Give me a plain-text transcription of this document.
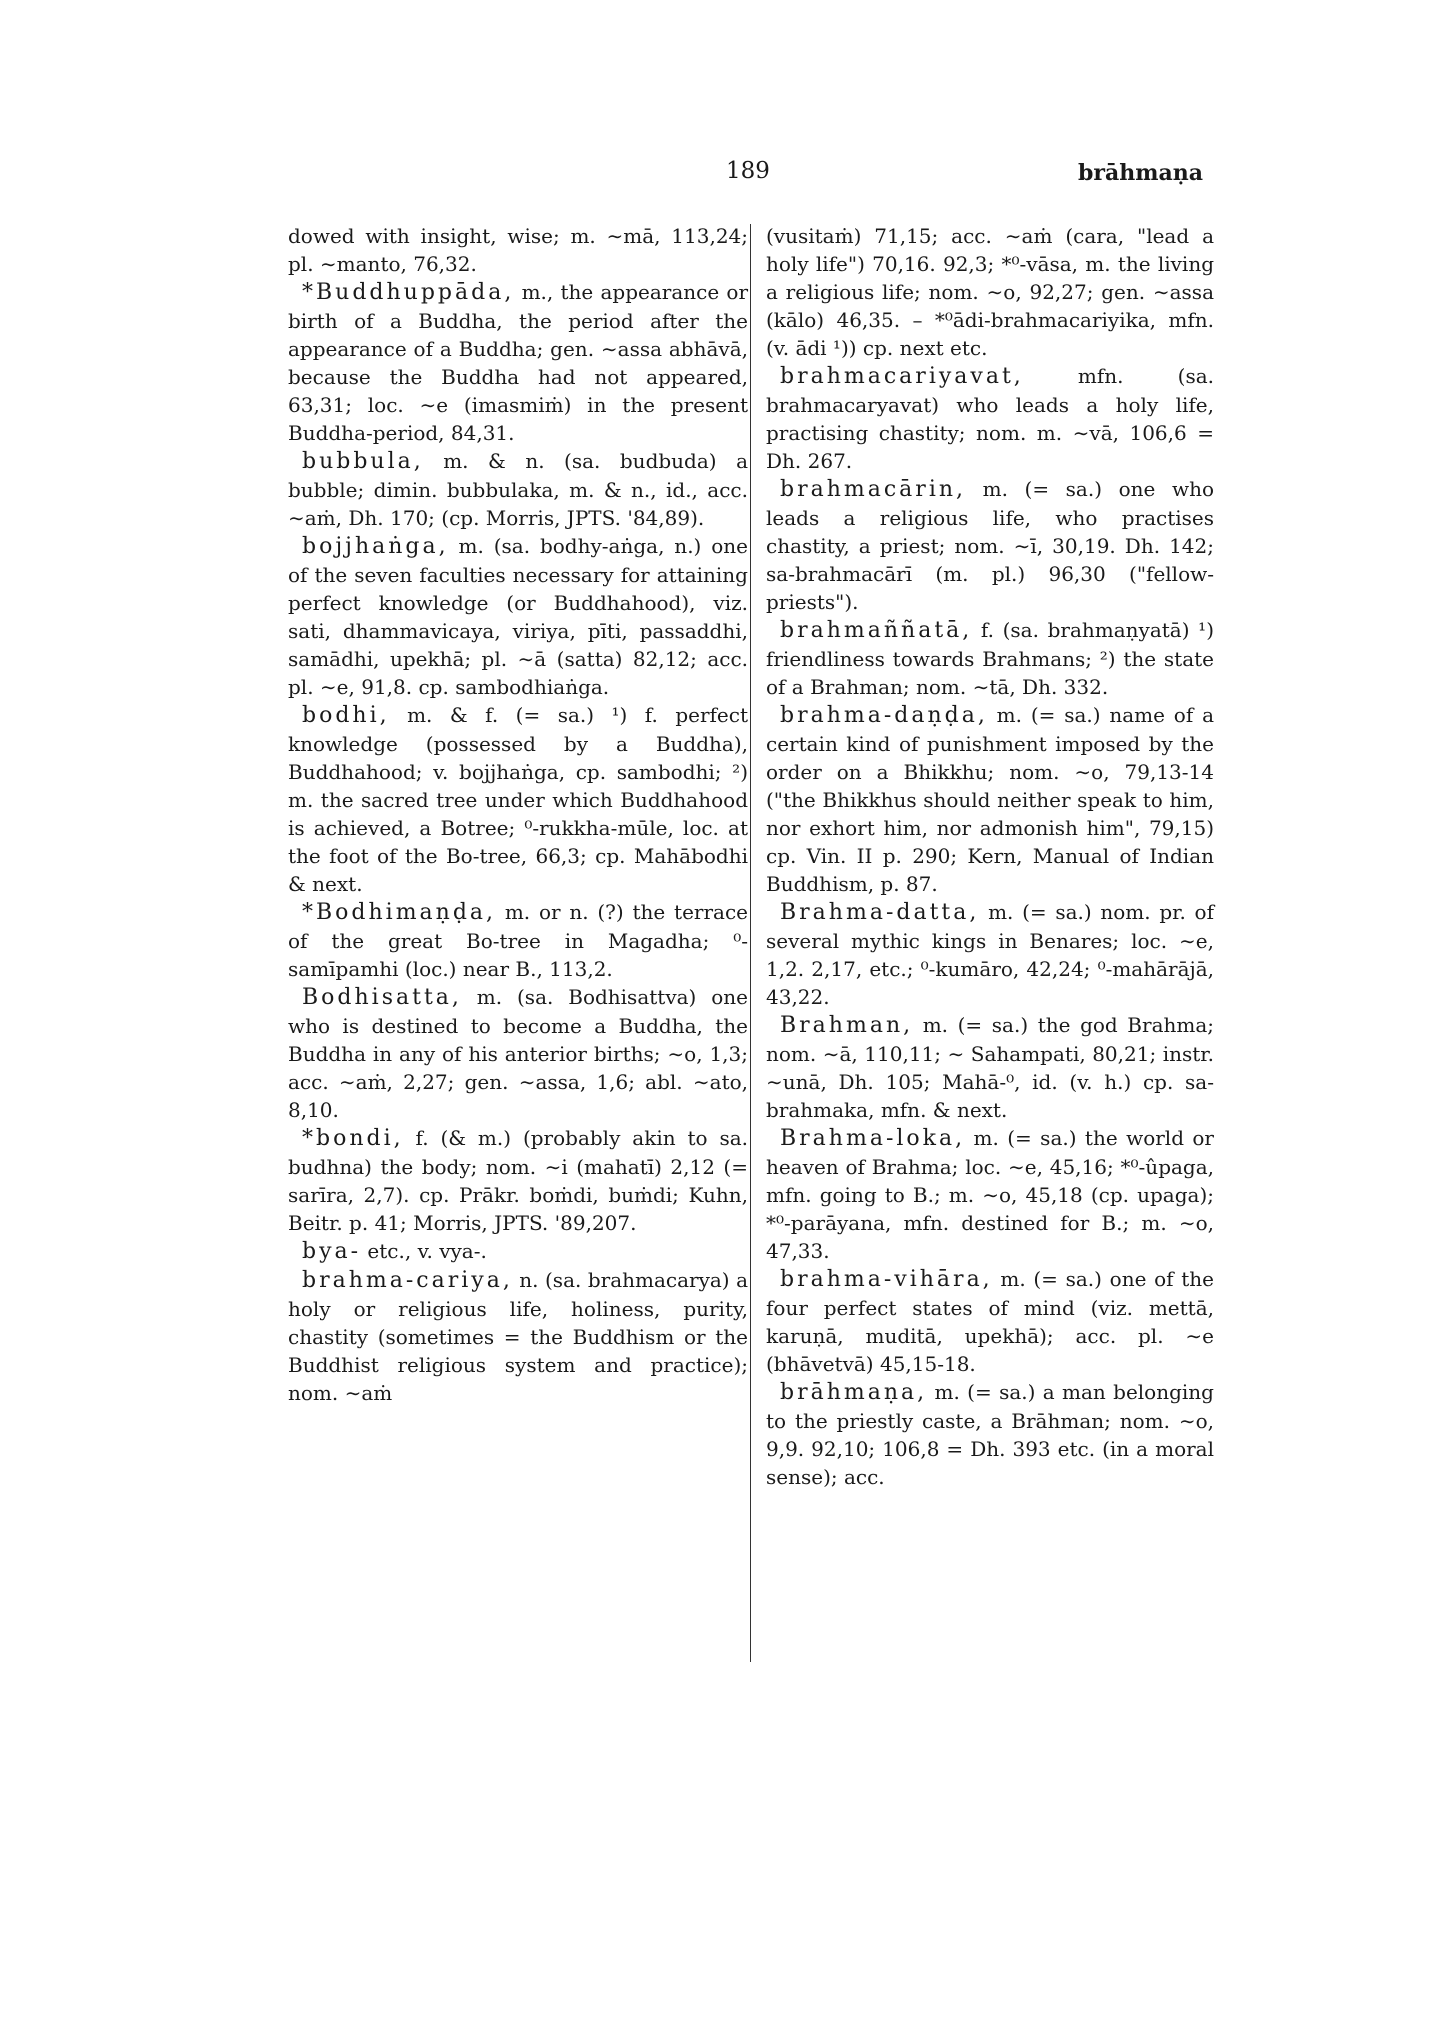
189	brāhmaṇa

dowed with insight, wise; m. ∼mā, 113,24; pl. ∼manto, 76,32.

*Buddhuppāda, m., the appearance or birth of a Buddha, the period after the appearance of a Buddha; gen. ∼assa abhāvā, because the Buddha had not appeared, 63,31; loc. ∼e (imasmiṁ) in the present Buddha-period, 84,31.

bubbula, m. & n. (sa. budbuda) a bubble; dimin. bubbulaka, m. & n., id., acc. ∼aṁ, Dh. 170; (cp. Morris, JPTS. '84,89).

bojjhaṅga, m. (sa. bodhy-aṅga, n.) one of the seven faculties necessary for attaining perfect knowledge (or Buddhahood), viz. sati, dhammavicaya, viriya, pīti, passaddhi, samādhi, upekhā; pl. ∼ā (satta) 82,12; acc. pl. ∼e, 91,8. cp. sambodhiaṅga.

bodhi, m. & f. (= sa.) ¹) f. perfect knowledge (possessed by a Buddha), Buddhahood; v. bojjhaṅga, cp. sambodhi; ²) m. the sacred tree under which Buddhahood is achieved, a Botree; ⁰-rukkha-mūle, loc. at the foot of the Bo-tree, 66,3; cp. Mahābodhi & next.

*Bodhimaṇḍa, m. or n. (?) the terrace of the great Bo-tree in Magadha; ⁰-samīpamhi (loc.) near B., 113,2.

Bodhisatta, m. (sa. Bodhisattva) one who is destined to become a Buddha, the Buddha in any of his anterior births; ∼o, 1,3; acc. ∼aṁ, 2,27; gen. ∼assa, 1,6; abl. ∼ato, 8,10.

*bondi, f. (& m.) (probably akin to sa. budhna) the body; nom. ∼i (mahatī) 2,12 (= sarīra, 2,7). cp. Prākr. boṁdi, buṁdi; Kuhn, Beitr. p. 41; Morris, JPTS. '89,207.

bya- etc., v. vya-.

brahma-cariya, n. (sa. brahmacarya) a holy or religious life, holiness, purity, chastity (sometimes = the Buddhism or the Buddhist religious system and practice); nom. ∼aṁ

(vusitaṁ) 71,15; acc. ∼aṁ (cara, "lead a holy life") 70,16. 92,3; *⁰-vāsa, m. the living a religious life; nom. ∼o, 92,27; gen. ∼assa (kālo) 46,35. – *⁰ādi-brahmacariyika, mfn. (v. ādi ¹)) cp. next etc.

brahmacariyavat, mfn. (sa. brahmacaryavat) who leads a holy life, practising chastity; nom. m. ∼vā, 106,6 = Dh. 267.

brahmacārin, m. (= sa.) one who leads a religious life, who practises chastity, a priest; nom. ∼ī, 30,19. Dh. 142; sa-brahmacārī (m. pl.) 96,30 ("fellow-priests").

brahmaññatā, f. (sa. brahmaṇyatā) ¹) friendliness towards Brahmans; ²) the state of a Brahman; nom. ∼tā, Dh. 332.

brahma-daṇḍa, m. (= sa.) name of a certain kind of punishment imposed by the order on a Bhikkhu; nom. ∼o, 79,13-14 ("the Bhikkhus should neither speak to him, nor exhort him, nor admonish him", 79,15) cp. Vin. II p. 290; Kern, Manual of Indian Buddhism, p. 87.

Brahma-datta, m. (= sa.) nom. pr. of several mythic kings in Benares; loc. ∼e, 1,2. 2,17, etc.; ⁰-kumāro, 42,24; ⁰-mahārājā, 43,22.

Brahman, m. (= sa.) the god Brahma; nom. ∼ā, 110,11; ∼ Sahampati, 80,21; instr. ∼unā, Dh. 105; Mahā-⁰, id. (v. h.) cp. sa-brahmaka, mfn. & next.

Brahma-loka, m. (= sa.) the world or heaven of Brahma; loc. ∼e, 45,16; *⁰-ûpaga, mfn. going to B.; m. ∼o, 45,18 (cp. upaga); *⁰-parāyana, mfn. destined for B.; m. ∼o, 47,33.

brahma-vihāra, m. (= sa.) one of the four perfect states of mind (viz. mettā, karuṇā, muditā, upekhā); acc. pl. ∼e (bhāvetvā) 45,15-18.

brāhmaṇa, m. (= sa.) a man belonging to the priestly caste, a Brāhman; nom. ∼o, 9,9. 92,10; 106,8 = Dh. 393 etc. (in a moral sense); acc.
